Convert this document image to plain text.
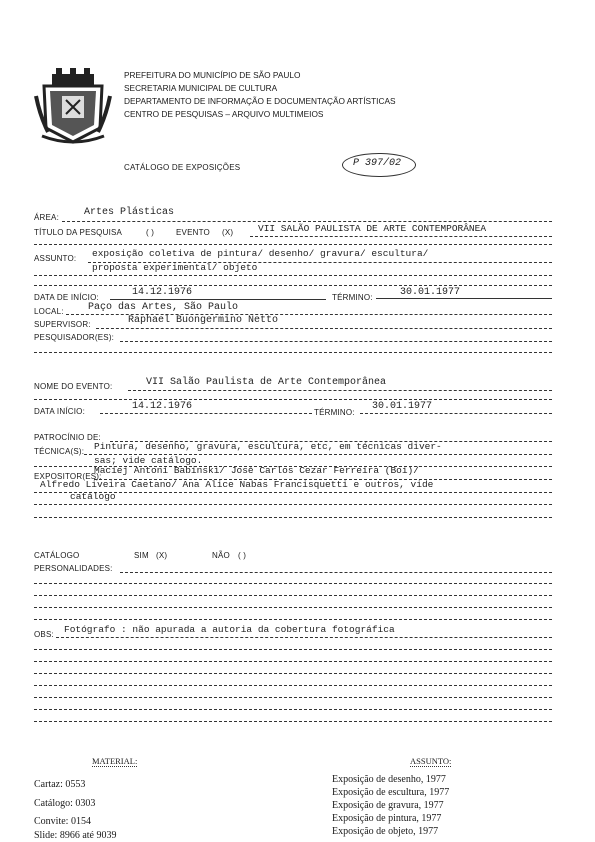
PREFEITURA DO MUNICÍPIO DE SÃO PAULO
SECRETARIA MUNICIPAL DE CULTURA
DEPARTAMENTO DE INFORMAÇÃO E DOCUMENTAÇÃO ARTÍSTICAS
CENTRO DE PESQUISAS – ARQUIVO MULTIMEIOS
CATÁLOGO DE EXPOSIÇÕES	P 397/02
ÁREA: Artes Plásticas
TÍTULO DA PESQUISA	( )	EVENTO (X)	VII SALÃO PAULISTA DE ARTE CONTEMPORÂNEA
ASSUNTO: exposição coletiva de pintura/ desenho/ gravura/ escultura/
proposta experimental/ objeto
DATA DE INÍCIO:	14.12.1976	TÉRMINO:	30.01.1977
LOCAL: Paço das Artes, São Paulo
SUPERVISOR:	Raphael Buongermino Netto
PESQUISADOR(ES):
NOME DO EVENTO:	VII Salão Paulista de Arte Contemporânea
DATA INÍCIO:	14.12.1976
TÉRMINO:
30.01.1977
PATROCÍNIO DE:
TÉCNICA(S): Pintura, desenho, gravura, escultura, etc, em técnicas diver-
sas; vide catálogo.
EXPOSITOR(ES):
Maciej Antoni Babinski/ José Carlos Cezar Ferreira (Boi)/
Alfredo Liveira Caetano/ Ana Alice Nabas Francisquetti e outros, vide
catálogo
CATÁLOGO	SIM (X)	NÃO ( )
PERSONALIDADES:
OBS: Fotógrafo : não apurada a autoria da cobertura fotográfica
MATERIAL:
Cartaz: 0553
Catálogo: 0303
Convite: 0154
Slide: 8966 até 9039
ASSUNTO:
Exposição de desenho, 1977
Exposição de escultura, 1977
Exposição de gravura, 1977
Exposição de pintura, 1977
Exposição de objeto, 1977
